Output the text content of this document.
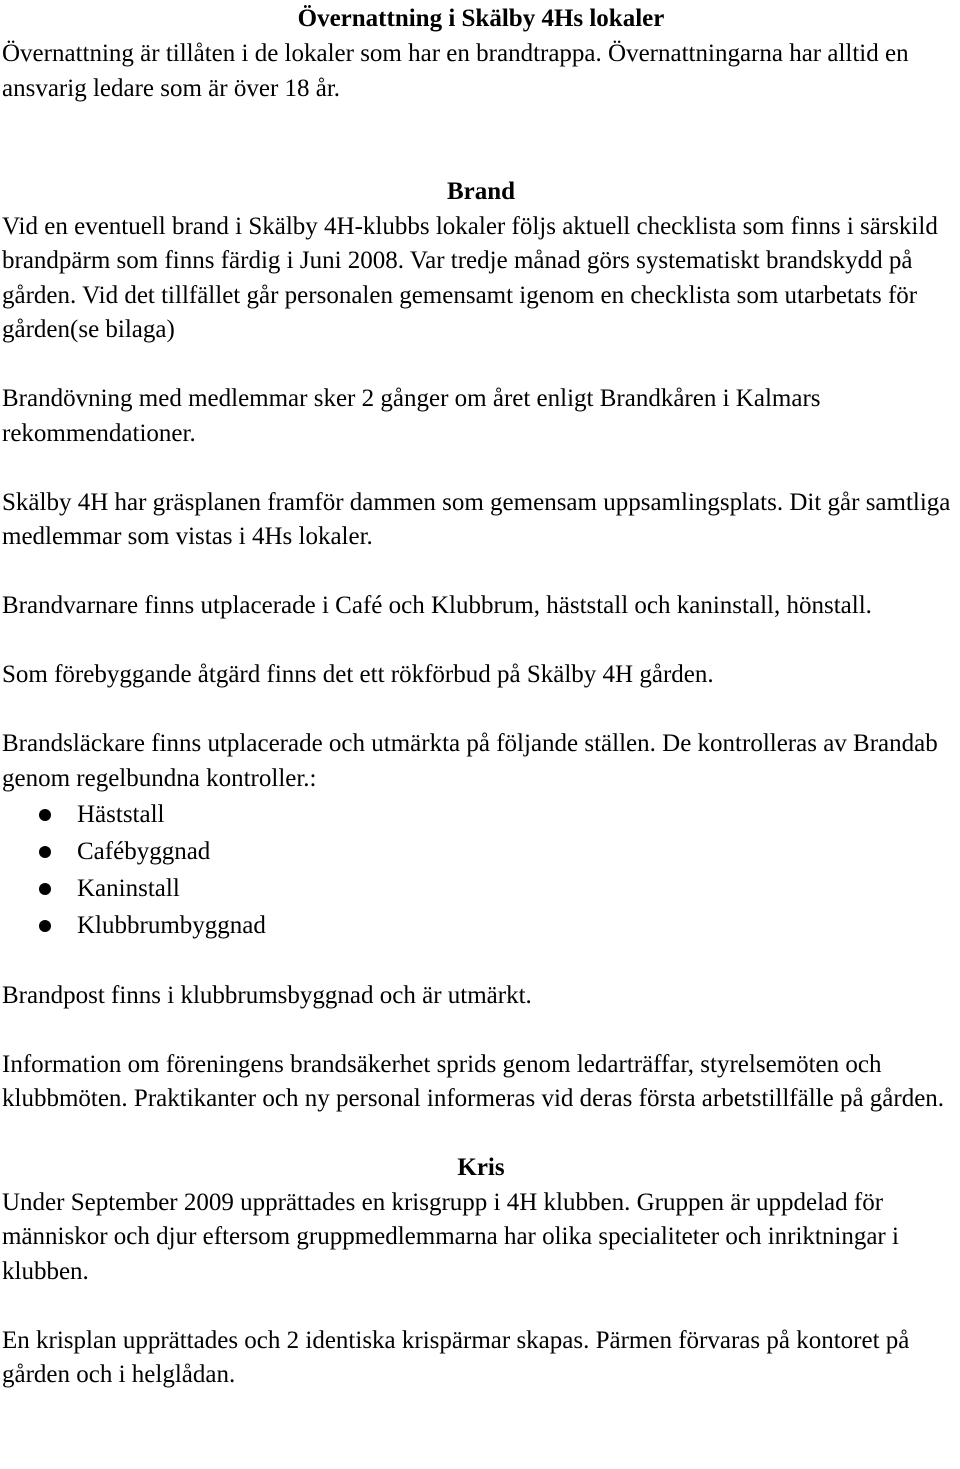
Övernattning i Skälby 4Hs lokaler

Övernattning är tillåten i de lokaler som har en brandtrappa. Övernattningarna har alltid en ansvarig ledare som är över 18 år.

Brand

Vid en eventuell brand i Skälby 4H-klubbs lokaler följs aktuell checklista som finns i särskild brandpärm som finns färdig i Juni 2008. Var tredje månad görs systematiskt brandskydd på gården. Vid det tillfället går personalen gemensamt igenom en checklista som utarbetats för gården(se bilaga)

Brandövning med medlemmar sker 2 gånger om året enligt Brandkåren i Kalmars rekommendationer.

Skälby 4H har gräsplanen framför dammen som gemensam uppsamlingsplats. Dit går samtliga medlemmar som vistas i 4Hs lokaler.

Brandvarnare finns utplacerade i Café och Klubbrum, häststall och kaninstall, hönstall.

Som förebyggande åtgärd finns det ett rökförbud på Skälby 4H gården.

Brandsläckare finns utplacerade och utmärkta på följande ställen. De kontrolleras av Brandab genom regelbundna kontroller.:

Häststall
Cafébyggnad
Kaninstall
Klubbrumbyggnad

Brandpost finns i klubbrumsbyggnad och är utmärkt.

Information om föreningens brandsäkerhet sprids genom ledarträffar, styrelsemöten och klubbmöten. Praktikanter och ny personal informeras vid deras första arbetstillfälle på gården.

Kris

Under September 2009 upprättades en krisgrupp i 4H klubben. Gruppen är uppdelad för människor och djur eftersom gruppmedlemmarna har olika specialiteter och inriktningar i klubben.

En krisplan upprättades och 2 identiska krispärmar skapas. Pärmen förvaras på kontoret på gården och i helglådan.
